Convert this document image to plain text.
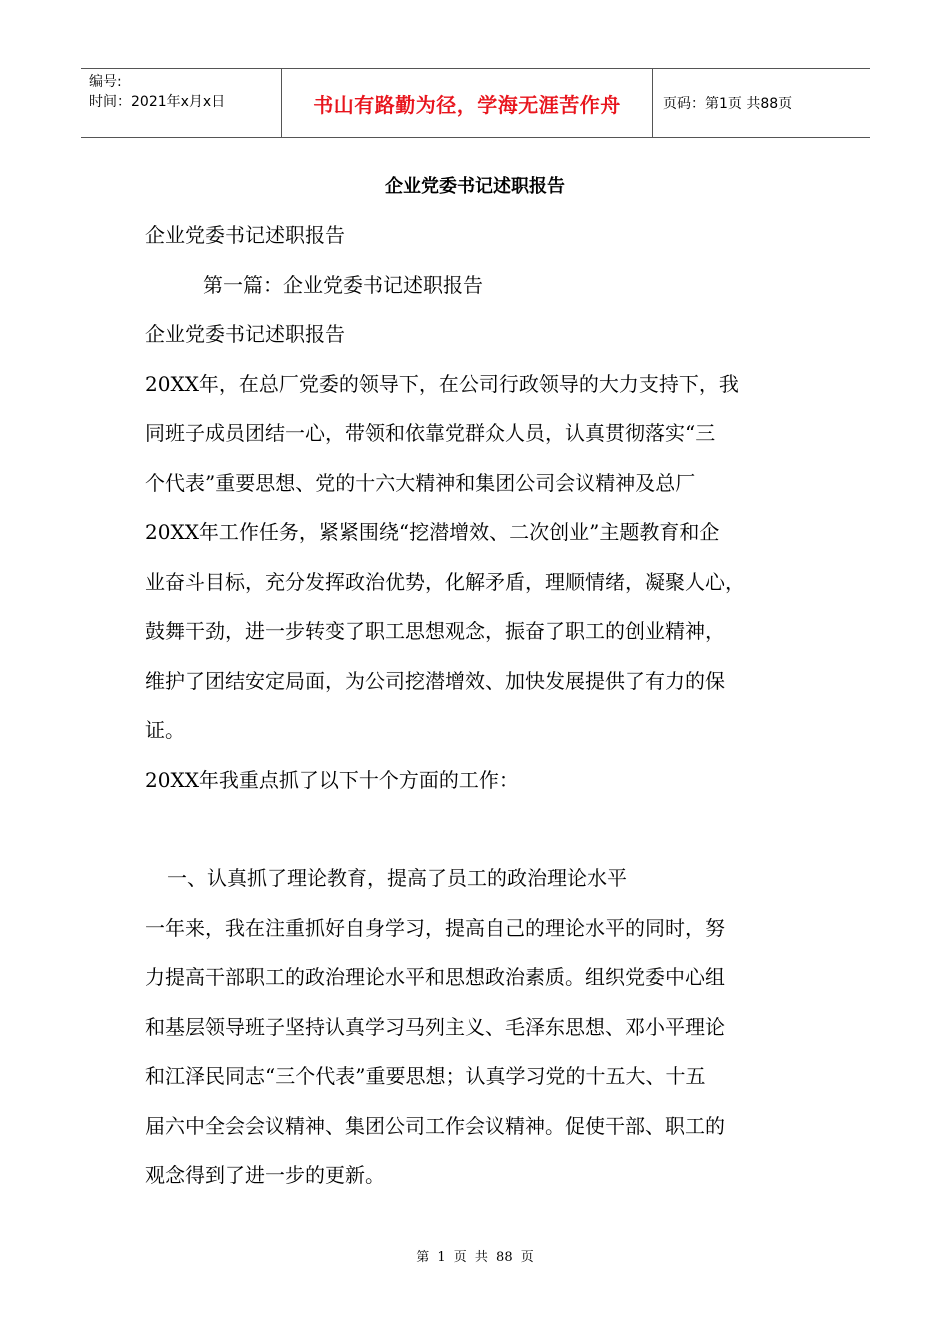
编号:
时间：2021年x月x日	书山有路勤为径，学海无涯苦作舟	页码：第1页 共88页
企业党委书记述职报告
企业党委书记述职报告
第一篇：企业党委书记述职报告
企业党委书记述职报告
20XX年，在总厂党委的领导下，在公司行政领导的大力支持下，我
同班子成员团结一心，带领和依靠党群众人员，认真贯彻落实“三
个代表”重要思想、党的十六大精神和集团公司会议精神及总厂
20XX年工作任务，紧紧围绕“挖潜增效、二次创业”主题教育和企
业奋斗目标，充分发挥政治优势，化解矛盾，理顺情绪，凝聚人心，
鼓舞干劲，进一步转变了职工思想观念，振奋了职工的创业精神，
维护了团结安定局面，为公司挖潜增效、加快发展提供了有力的保
证。
20XX年我重点抓了以下十个方面的工作：
一、认真抓了理论教育，提高了员工的政治理论水平
一年来，我在注重抓好自身学习，提高自己的理论水平的同时，努
力提高干部职工的政治理论水平和思想政治素质。组织党委中心组
和基层领导班子坚持认真学习马列主义、毛泽东思想、邓小平理论
和江泽民同志“三个代表”重要思想；认真学习党的十五大、十五
届六中全会会议精神、集团公司工作会议精神。促使干部、职工的
观念得到了进一步的更新。
第 1 页 共 88 页
